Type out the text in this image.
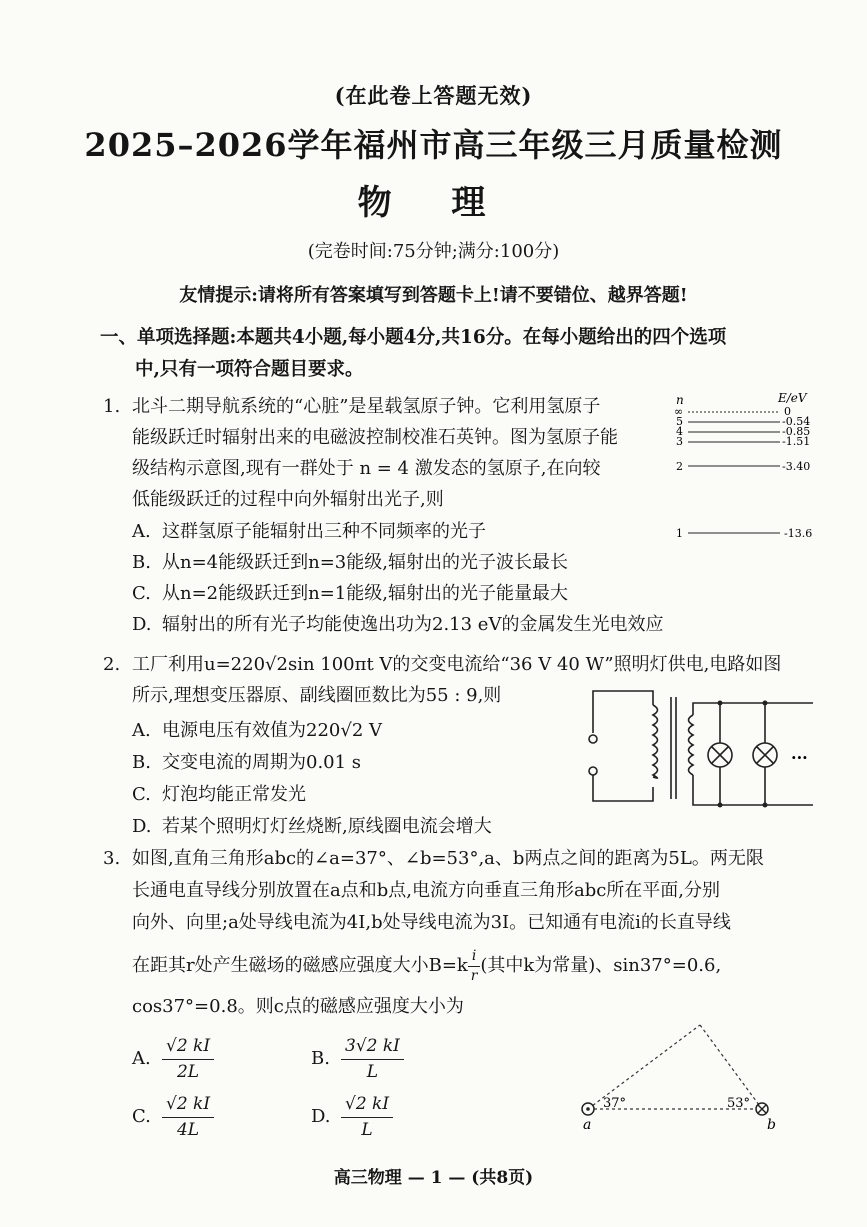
(在此卷上答题无效)
2025–2026学年福州市高三年级三月质量检测
物 理
(完卷时间:75分钟;满分:100分)
友情提示:请将所有答案填写到答题卡上!请不要错位、越界答题!
一、单项选择题:本题共4小题,每小题4分,共16分。在每小题给出的四个选项
中,只有一项符合题目要求。
1. 北斗二期导航系统的“心脏”是星载氢原子钟。它利用氢原子
能级跃迁时辐射出来的电磁波控制校准石英钟。图为氢原子能
级结构示意图,现有一群处于 n = 4 激发态的氢原子,在向较
低能级跃迁的过程中向外辐射出光子,则
A. 这群氢原子能辐射出三种不同频率的光子
B. 从n=4能级跃迁到n=3能级,辐射出的光子波长最长
C. 从n=2能级跃迁到n=1能级,辐射出的光子能量最大
D. 辐射出的所有光子均能使逸出功为2.13 eV的金属发生光电效应
n	E/eV
∞	0
5	-0.54
4	-0.85
3	-1.51
2	-3.40
1	-13.6
2. 工厂利用u=220√2sin 100πt V的交变电流给“36 V 40 W”照明灯供电,电路如图
所示,理想变压器原、副线圈匝数比为55 : 9,则
A. 电源电压有效值为220√2 V
B. 交变电流的周期为0.01 s
C. 灯泡均能正常发光
D. 若某个照明灯灯丝烧断,原线圈电流会增大
···
3. 如图,直角三角形abc的∠a=37°、∠b=53°,a、b两点之间的距离为5L。两无限
长通电直导线分别放置在a点和b点,电流方向垂直三角形abc所在平面,分别
向外、向里;a处导线电流为4I,b处导线电流为3I。已知通有电流i的长直导线
在距其r处产生磁场的磁感应强度大小$B=k \frac{i}{r}$ (其中k为常量)、sin37°=0.6,
cos37°=0.8。则c点的磁感应强度大小为
A. $\frac{√2 kI}{2L}$	B. $\frac{3√2 kI}{L}$
C. $\frac{√2 kI}{4L}$	D. $\frac{√2 kI}{L}$	37°	53°
a	b
高三物理 — 1 — (共8页)
